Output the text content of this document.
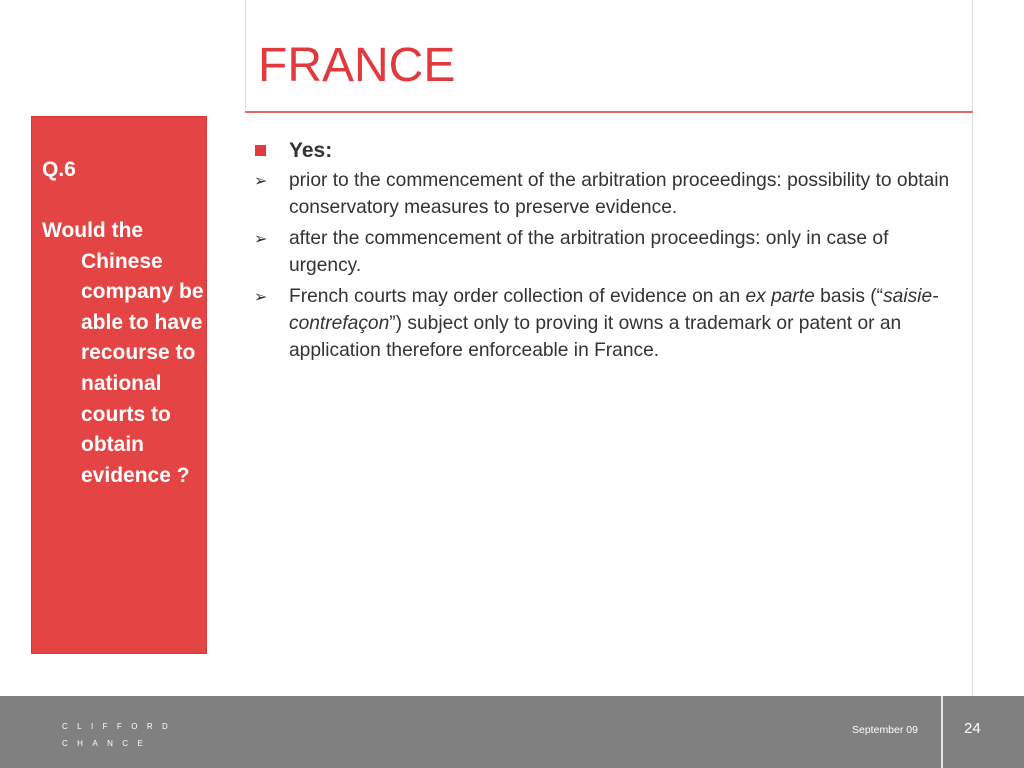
FRANCE
Q.6
Would the
Chinese company be able to have recourse to national courts to obtain evidence ?
Yes:
➢ prior to the commencement of the arbitration proceedings: possibility to obtain conservatory measures to preserve evidence.
➢ after the commencement of the arbitration proceedings: only in case of urgency.
➢ French courts may order collection of evidence on an ex parte basis (“saisie-contrefaçon”) subject only to proving it owns a trademark or patent or an application therefore enforceable in France.
CLIFFORD
CHANCE
September 09	24
